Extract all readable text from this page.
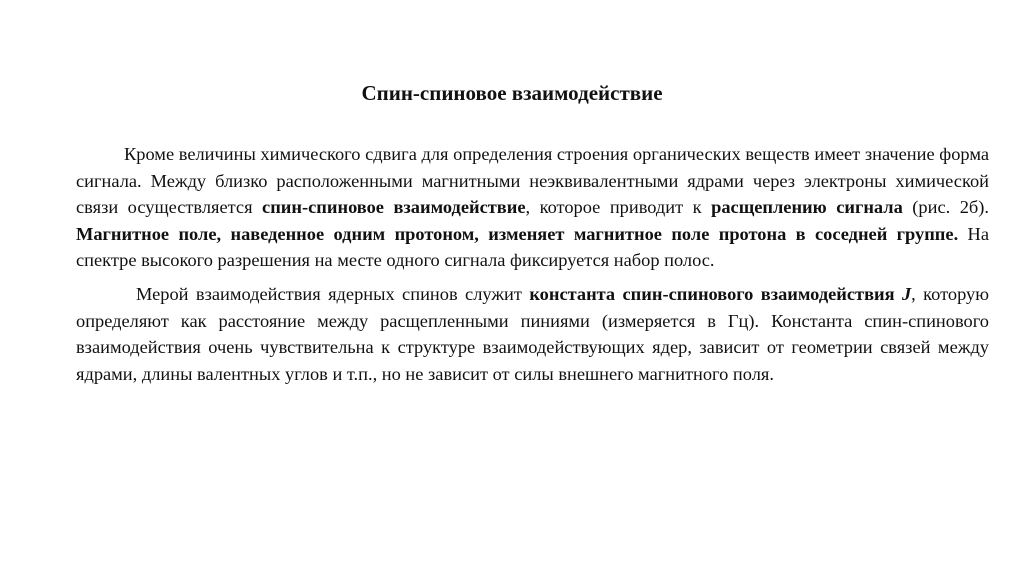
Спин-спиновое взаимодействие

Кроме величины химического сдвига для определения строения органических веществ имеет значение форма сигнала. Между близко расположенными магнитными неэквивалентными ядрами через электроны химической связи осуществляется спин-спиновое взаимодействие, которое приводит к расщеплению сигнала (рис. 2б). Магнитное поле, наведенное одним протоном, изменяет магнитное поле протона в соседней группе. На спектре высокого разрешения на месте одного сигнала фиксируется набор полос.

Мерой взаимодействия ядерных спинов служит константа спин-спинового взаимодействия J, которую определяют как расстояние между расщепленными пиниями (измеряется в Гц). Константа спин-спинового взаимодействия очень чувствительна к структуре взаимодействующих ядер, зависит от геометрии связей между ядрами, длины валентных углов и т.п., но не зависит от силы внешнего магнитного поля.
